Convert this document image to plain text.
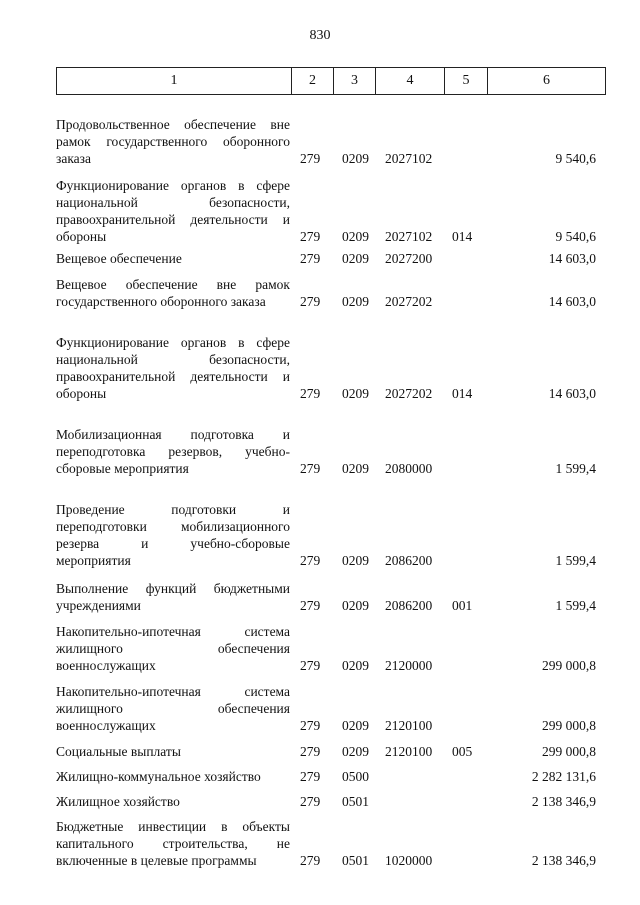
830
1	2	3	4	5	6
Продовольственное обеспечение вне
рамок государственного оборонного
заказа	279 0209 2027102	9 540,6
Функционирование органов в сфере
национальной безопасности,
правоохранительной деятельности и
обороны	279 0209 2027102 014	9 540,6
Вещевое обеспечение	279 0209 2027200	14 603,0
Вещевое обеспечение вне рамок
государственного оборонного заказа	279 0209 2027202	14 603,0
Функционирование органов в сфере
национальной безопасности,
правоохранительной деятельности и
обороны	279 0209 2027202 014	14 603,0
Мобилизационная подготовка и
переподготовка резервов, учебно-
сборовые мероприятия	279 0209 2080000	1 599,4
Проведение подготовки и
переподготовки мобилизационного
резерва и учебно-сборовые
мероприятия	279 0209 2086200	1 599,4
Выполнение функций бюджетными
учреждениями	279 0209 2086200 001	1 599,4
Накопительно-ипотечная система
жилищного обеспечения
военнослужащих	279 0209 2120000	299 000,8
Накопительно-ипотечная система
жилищного обеспечения
военнослужащих	279 0209 2120100	299 000,8
Социальные выплаты	279 0209 2120100 005	299 000,8
Жилищно-коммунальное хозяйство	279 0500	2 282 131,6
Жилищное хозяйство	279 0501	2 138 346,9
Бюджетные инвестиции в объекты
капитального строительства, не
включенные в целевые программы	279 0501 1020000	2 138 346,9
